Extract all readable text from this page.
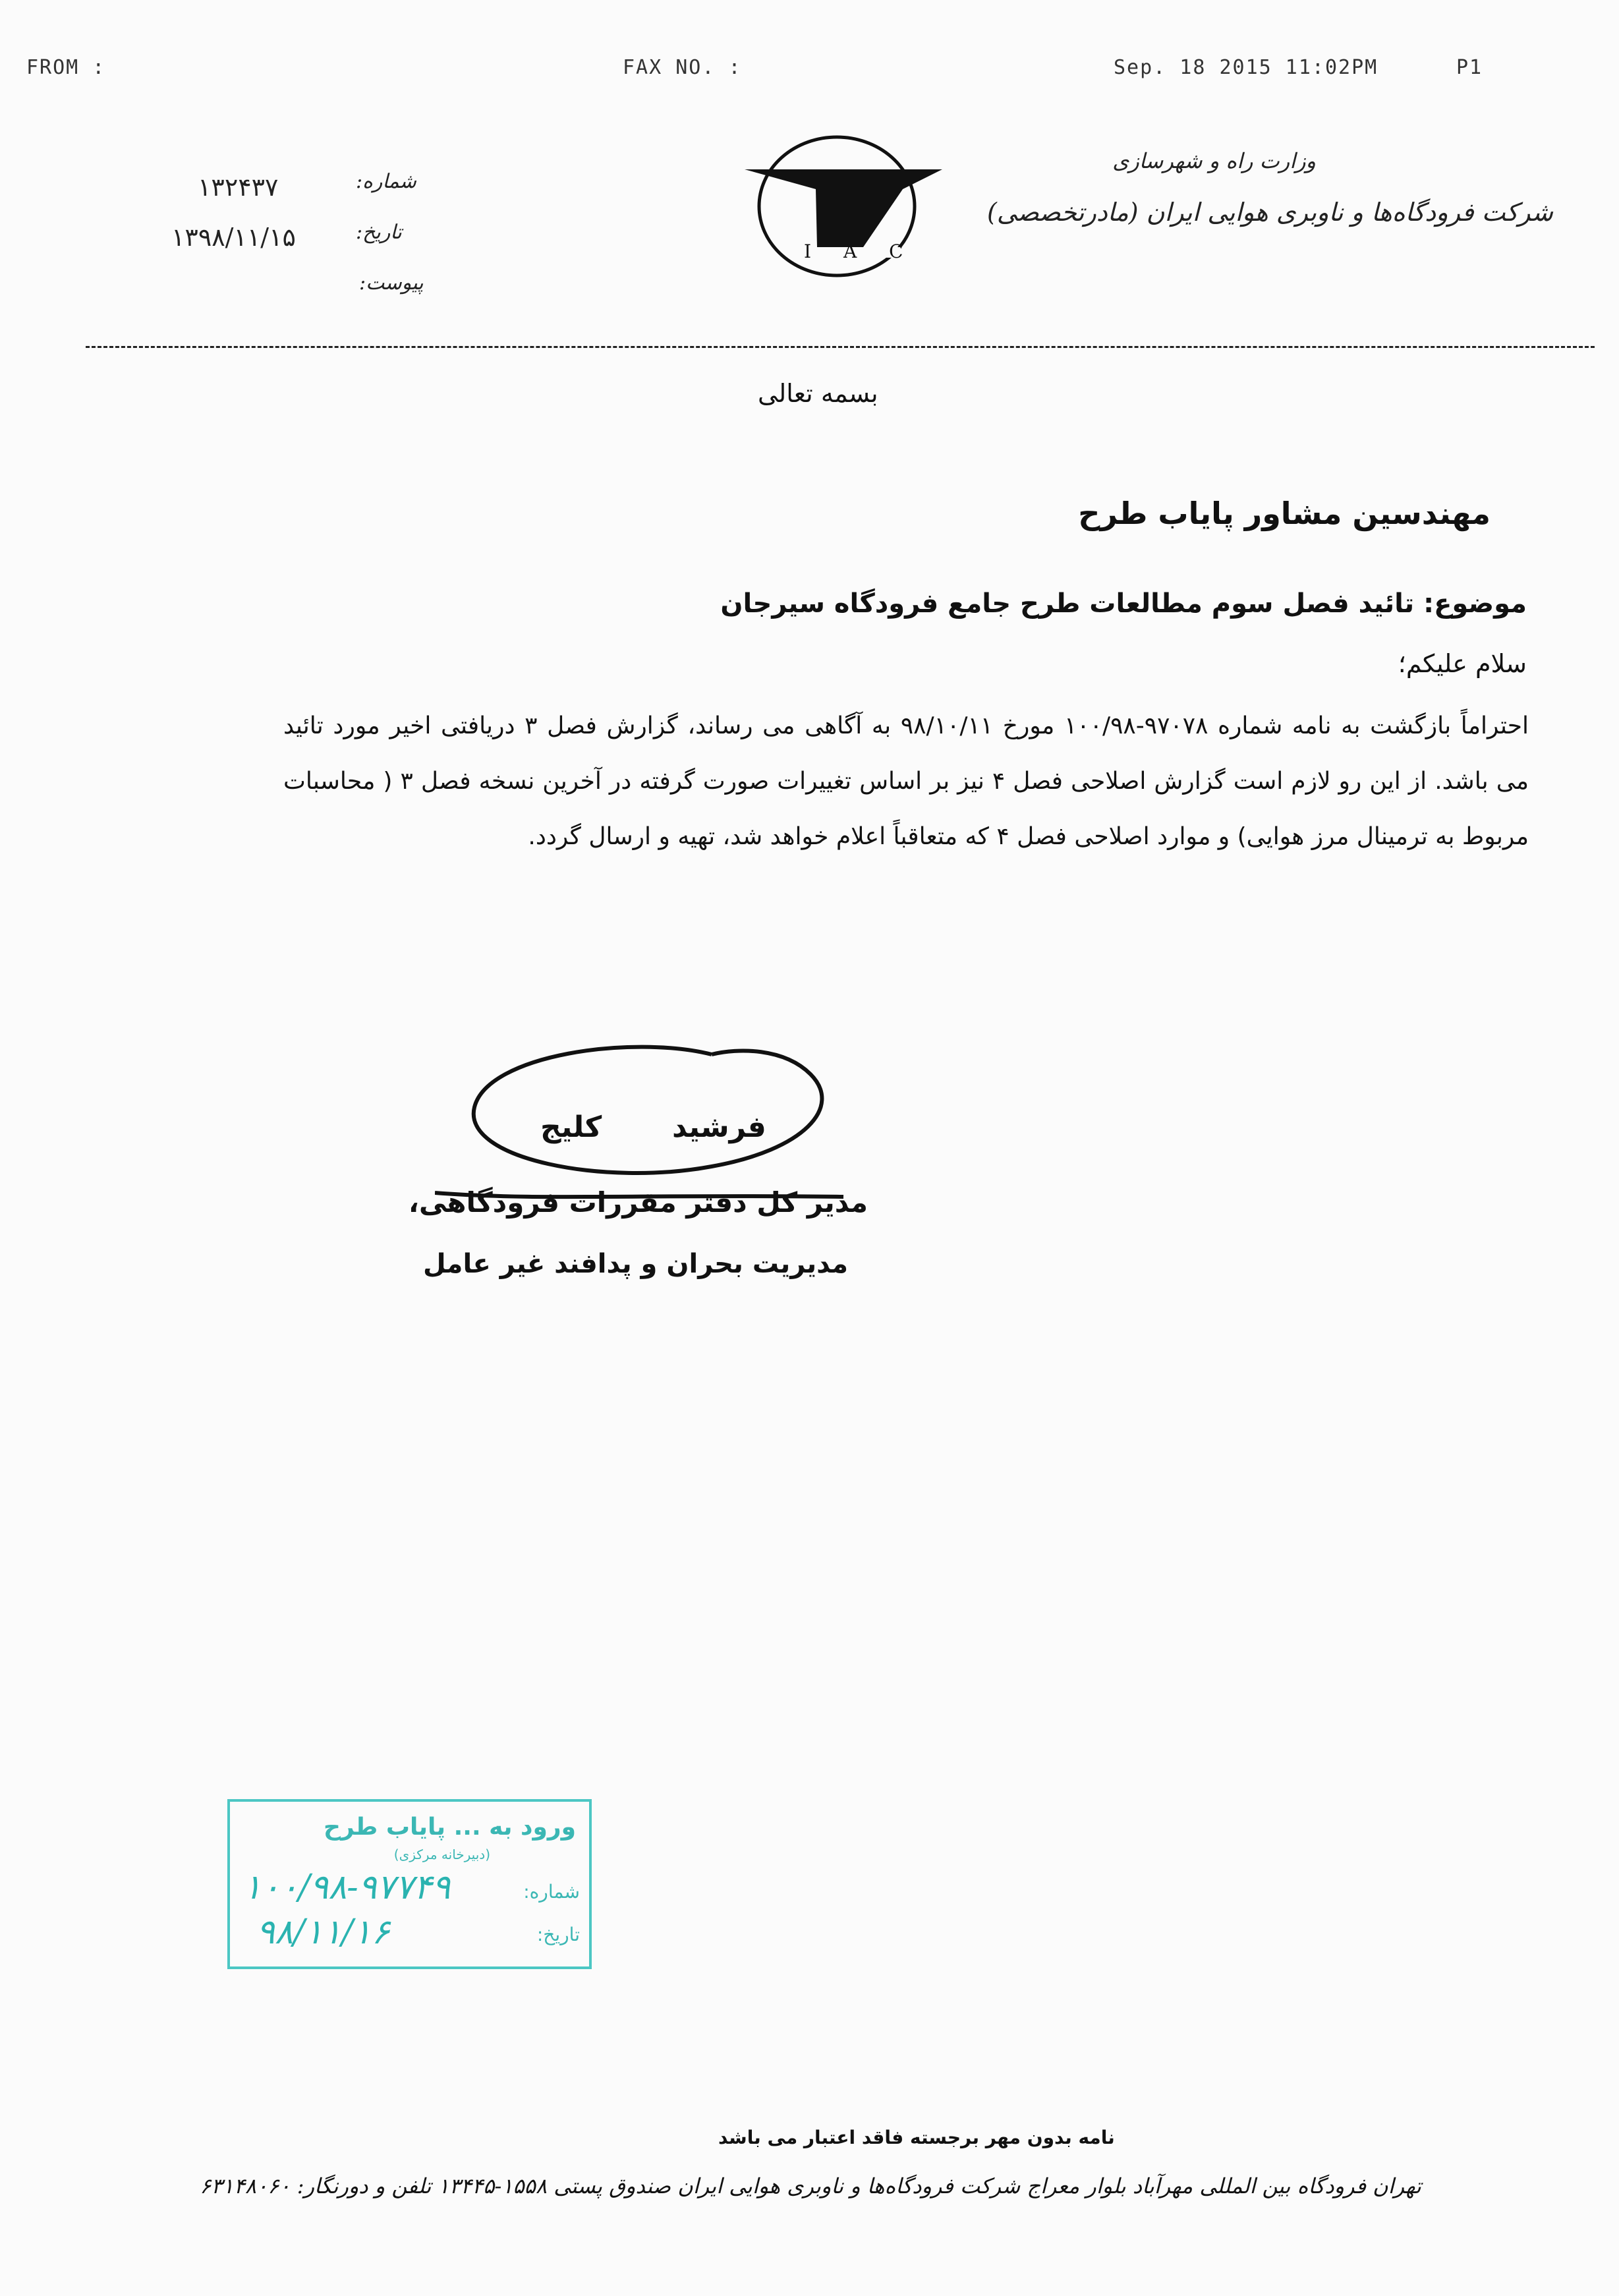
FROM :	FAX NO. :	Sep. 18 2015 11:02PM	P1
وزارت راه و شهرسازی
شرکت فرودگاه‌ها و ناوبری هوایی ایران (مادرتخصصی)
I A C
شماره:
۱۳۲۴۳۷
تاریخ:
۱۳۹۸/۱۱/۱۵
پیوست:
بسمه تعالی
مهندسین مشاور پایاب طرح
موضوع: تائید فصل سوم مطالعات طرح جامع فرودگاه سیرجان
سلام علیکم؛
احتراماً بازگشت به نامه شماره ۹۷۰۷۸-۱۰۰/۹۸ مورخ ۹۸/۱۰/۱۱ به آگاهی می رساند، گزارش فصل ۳ دریافتی اخیر مورد تائید می باشد. از این رو لازم است گزارش اصلاحی فصل ۴ نیز بر اساس تغییرات صورت گرفته در آخرین نسخه فصل ۳ ( محاسبات مربوط به ترمینال مرز هوایی) و موارد اصلاحی فصل ۴ که متعاقباً اعلام خواهد شد، تهیه و ارسال گردد.
فرشید
کلیج
مدیر کل دفتر مقررات فرودگاهی،
مدیریت بحران و پدافند غیر عامل
ورود به ... پایاب طرح
(دبیرخانه مرکزی)
شماره:
۱۰۰/۹۸-۹۷۷۴۹
تاریخ:
۹۸/۱۱/۱۶
نامه بدون مهر برجسته فاقد اعتبار می باشد
تهران فرودگاه بین المللی مهرآباد بلوار معراج شرکت فرودگاه‌ها و ناوبری هوایی ایران صندوق پستی ۱۵۵۸-۱۳۴۴۵ تلفن و دورنگار: ۶۳۱۴۸۰۶۰
